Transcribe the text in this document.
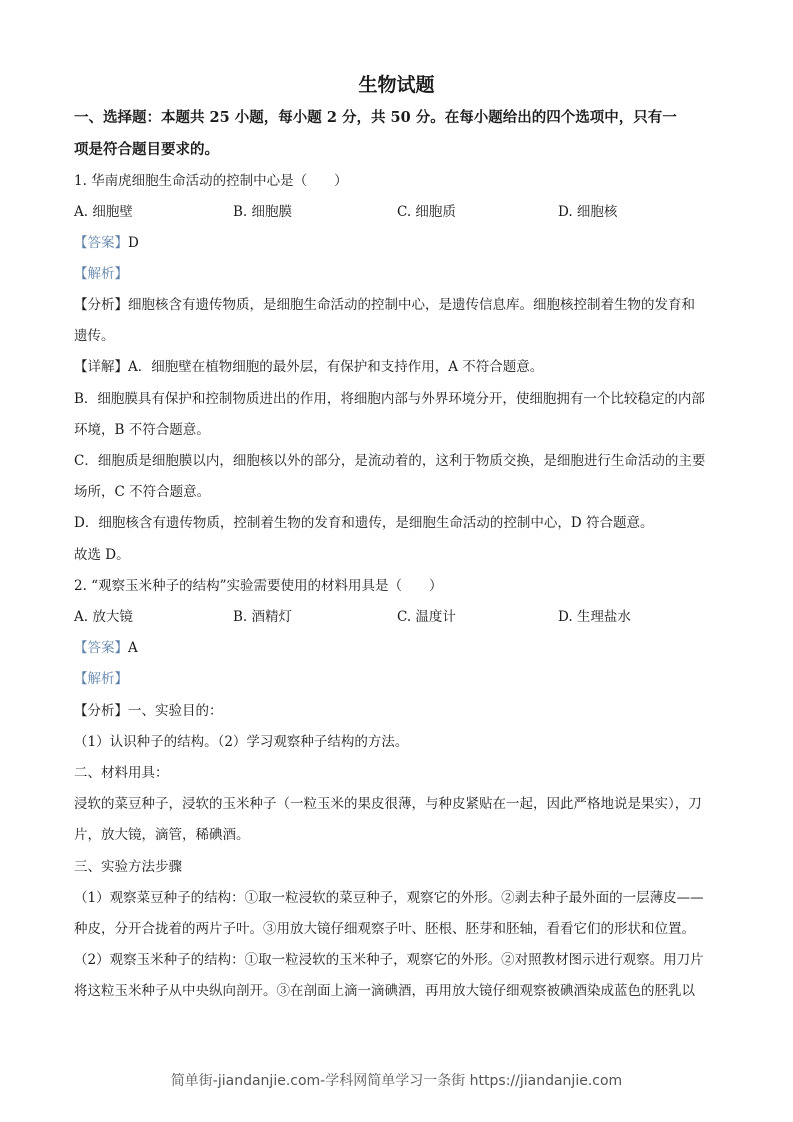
生物试题
一、选择题：本题共 25 小题，每小题 2 分，共 50 分。在每小题给出的四个选项中，只有一
项是符合题目要求的。
1. 华南虎细胞生命活动的控制中心是（　　）
A. 细胞壁	B. 细胞膜	C. 细胞质	D. 细胞核
【答案】D
【解析】
【分析】细胞核含有遗传物质，是细胞生命活动的控制中心，是遗传信息库。细胞核控制着生物的发育和
遗传。
【详解】A．细胞壁在植物细胞的最外层，有保护和支持作用，A 不符合题意。
B．细胞膜具有保护和控制物质进出的作用，将细胞内部与外界环境分开，使细胞拥有一个比较稳定的内部
环境，B 不符合题意。
C．细胞质是细胞膜以内，细胞核以外的部分，是流动着的，这利于物质交换，是细胞进行生命活动的主要
场所，C 不符合题意。
D．细胞核含有遗传物质，控制着生物的发育和遗传，是细胞生命活动的控制中心，D 符合题意。
故选 D。
2. “观察玉米种子的结构”实验需要使用的材料用具是（　　）
A. 放大镜	B. 酒精灯	C. 温度计	D. 生理盐水
【答案】A
【解析】
【分析】一、实验目的：
（1）认识种子的结构。（2）学习观察种子结构的方法。
二、材料用具：
浸软的菜豆种子，浸软的玉米种子（一粒玉米的果皮很薄，与种皮紧贴在一起，因此严格地说是果实），刀
片，放大镜，滴管，稀碘酒。
三、实验方法步骤
（1）观察菜豆种子的结构：①取一粒浸软的菜豆种子，观察它的外形。②剥去种子最外面的一层薄皮——
种皮，分开合拢着的两片子叶。③用放大镜仔细观察子叶、胚根、胚芽和胚轴，看看它们的形状和位置。
（2）观察玉米种子的结构：①取一粒浸软的玉米种子，观察它的外形。②对照教材图示进行观察。用刀片
将这粒玉米种子从中央纵向剖开。③在剖面上滴一滴碘酒，再用放大镜仔细观察被碘酒染成蓝色的胚乳以
简单街-jiandanjie.com-学科网简单学习一条街 https://jiandanjie.com
